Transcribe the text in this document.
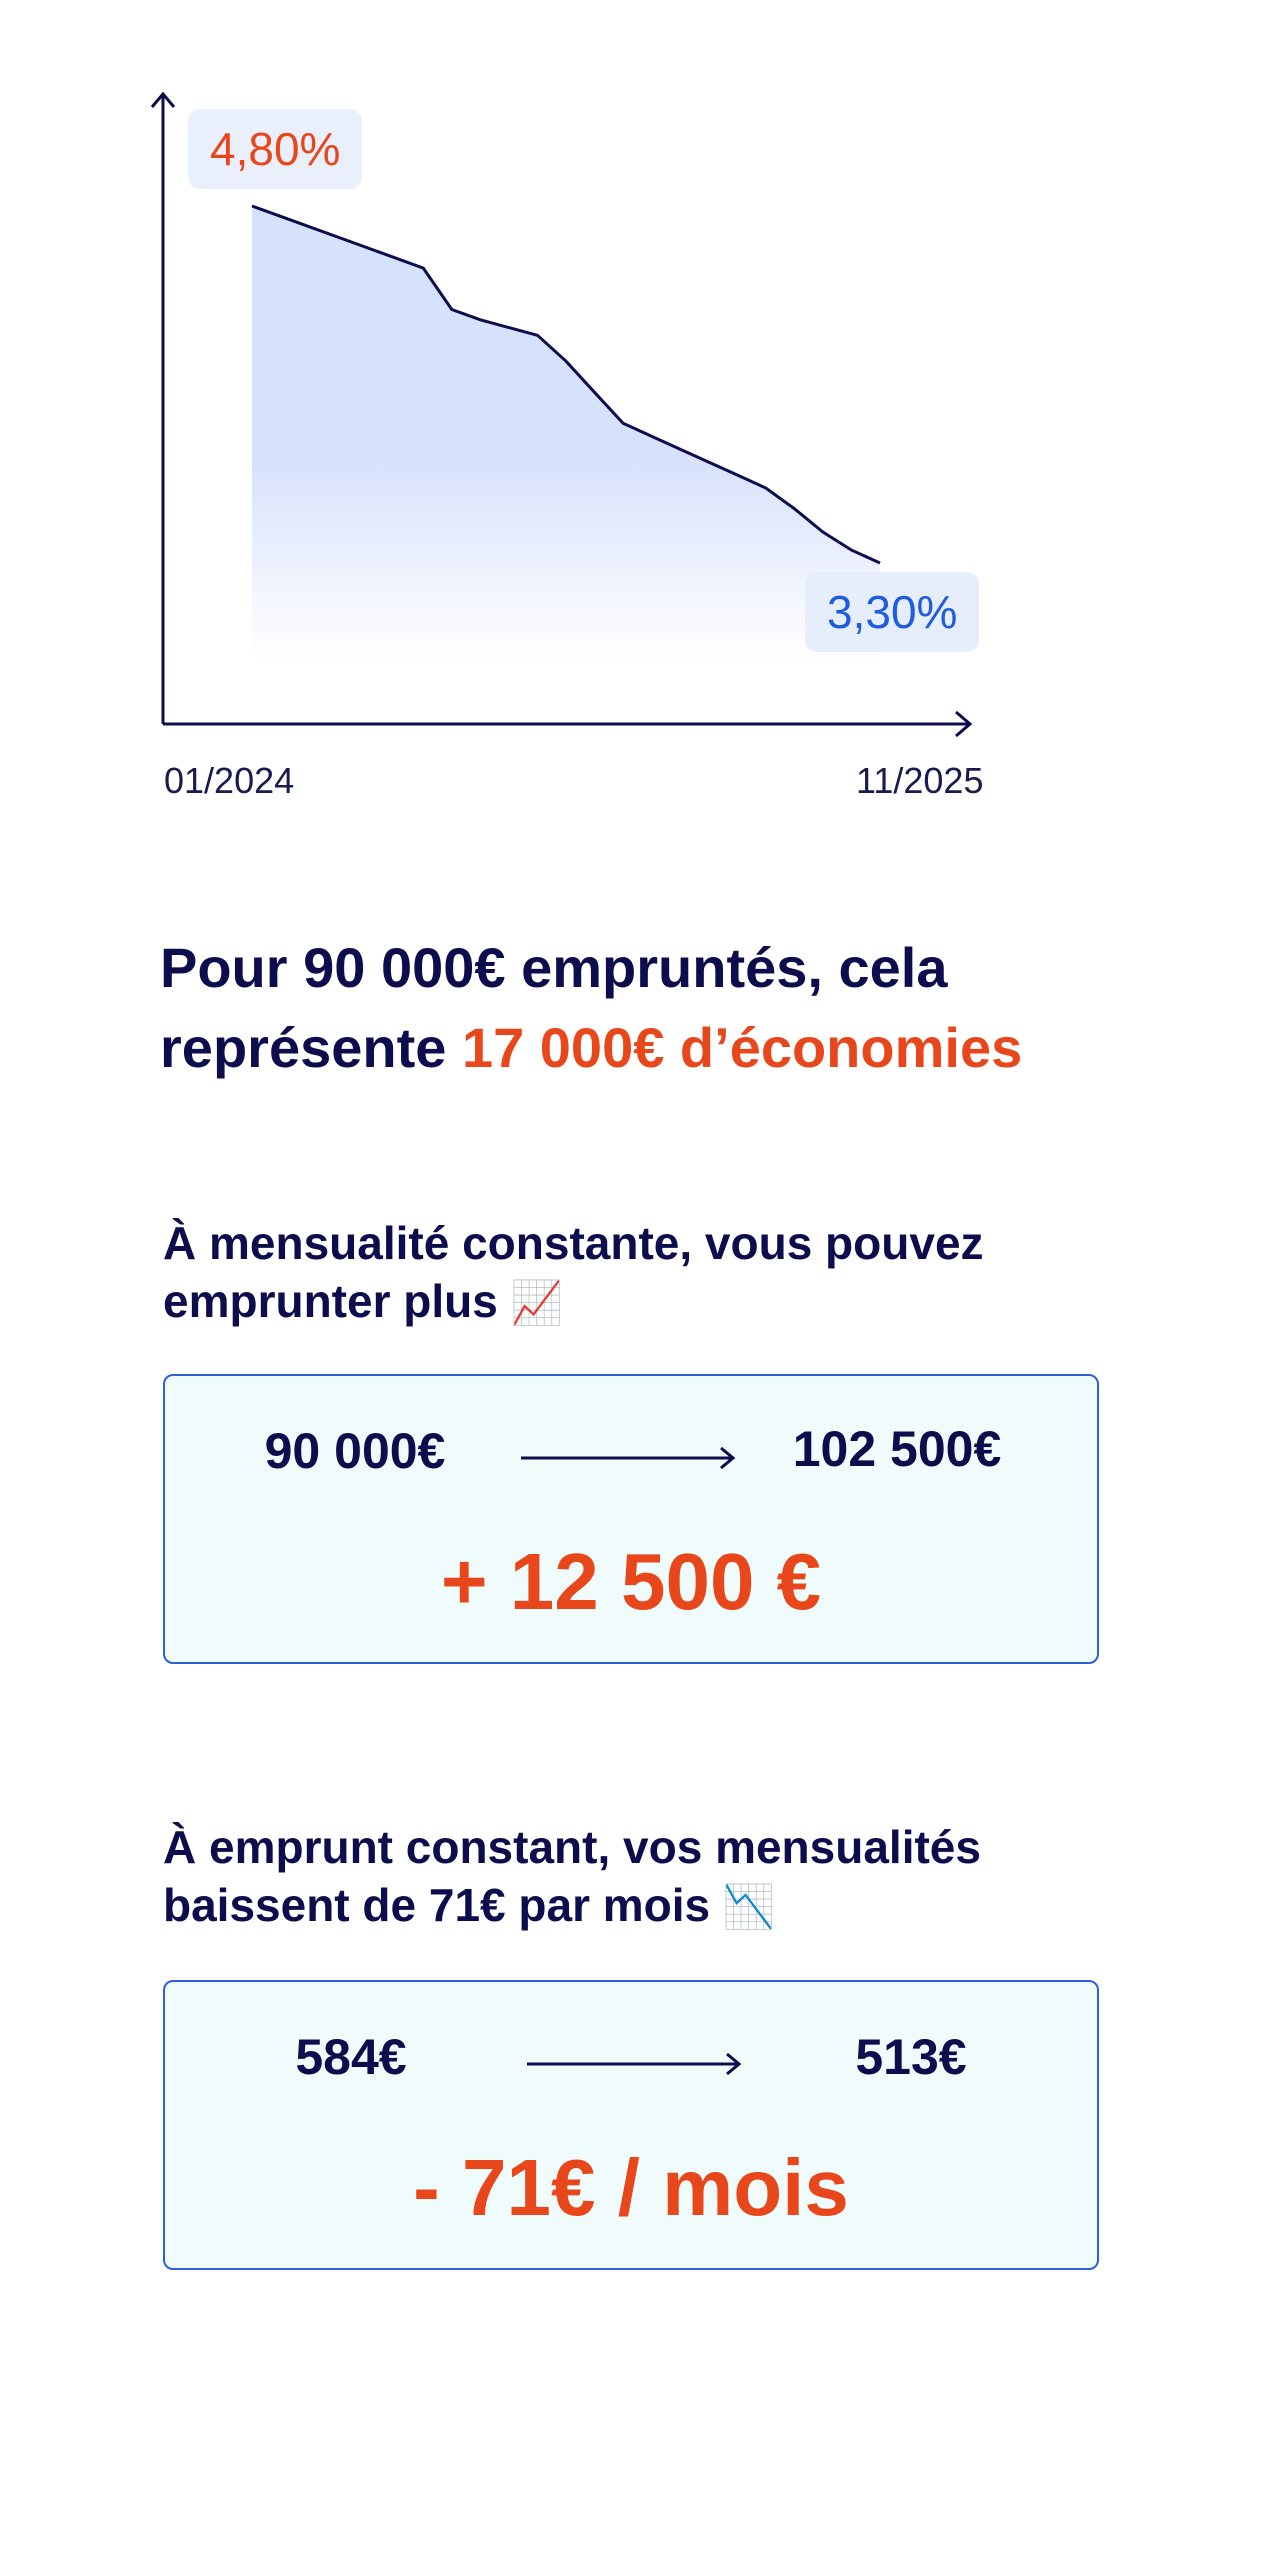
4,80%
3,30%
01/2024	11/2025

Pour 90 000€ empruntés, cela représente 17 000€ d’économies

À mensualité constante, vous pouvez emprunter plus 📈

90 000€	102 500€
+ 12 500 €

À emprunt constant, vos mensualités baissent de 71€ par mois 📉

584€	513€
- 71€ / mois
